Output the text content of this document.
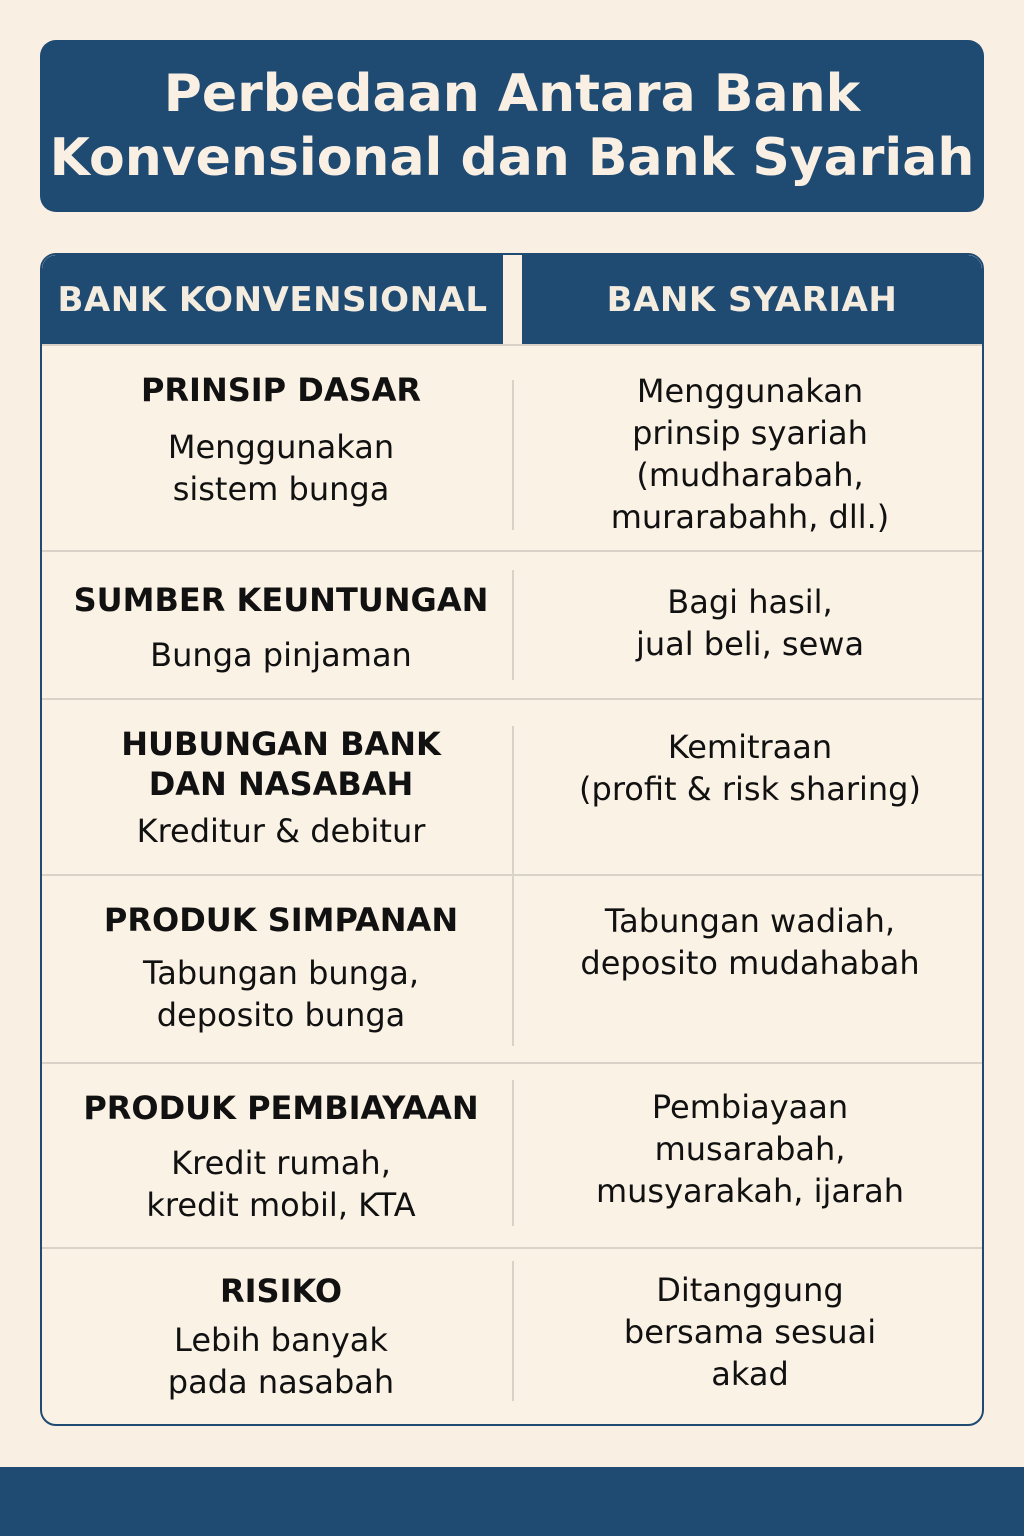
Perbedaan Antara Bank
Konvensional dan Bank Syariah
BANK KONVENSIONAL	BANK SYARIAH
PRINSIP DASAR
Menggunakan
sistem bunga
Menggunakan
prinsip syariah
(mudharabah,
murarabahh, dll.)
SUMBER KEUNTUNGAN
Bunga pinjaman
Bagi hasil,
jual beli, sewa
HUBUNGAN BANK
DAN NASABAH
Kreditur & debitur
Kemitraan
(profit & risk sharing)
PRODUK SIMPANAN
Tabungan bunga,
deposito bunga
Tabungan wadiah,
deposito mudahabah
PRODUK PEMBIAYAAN
Kredit rumah,
kredit mobil, KTA
Pembiayaan
musarabah,
musyarakah, ijarah
RISIKO
Lebih banyak
pada nasabah
Ditanggung
bersama sesuai
akad
